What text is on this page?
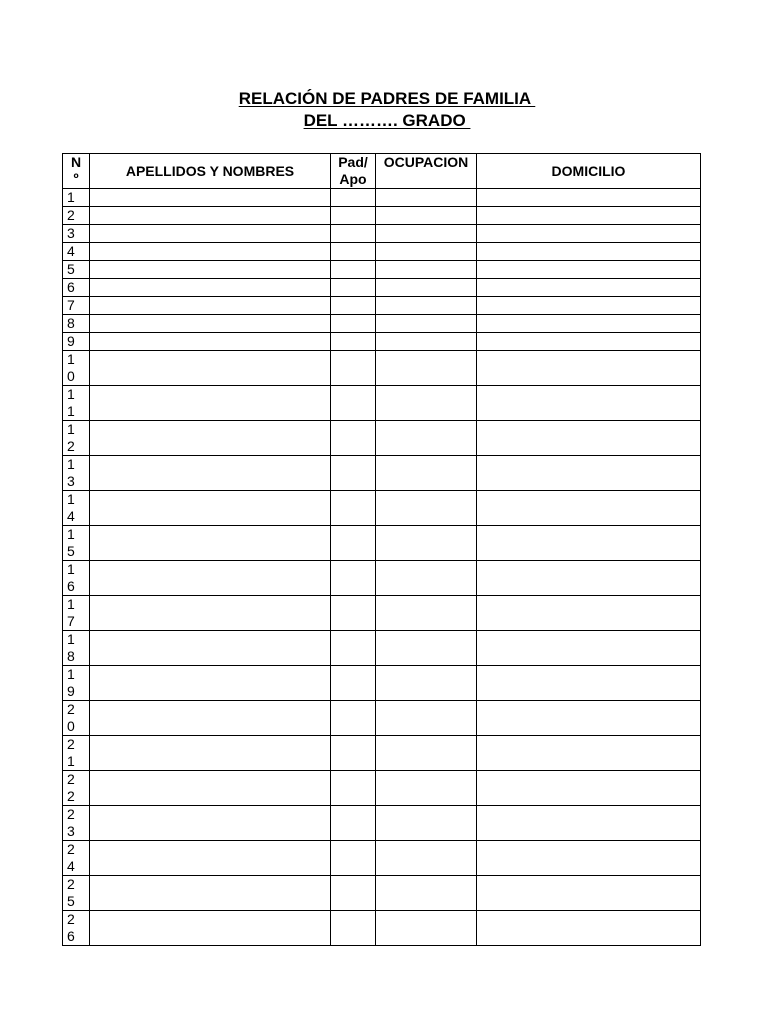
RELACIÓN DE PADRES DE FAMILIA
DEL ………. GRADO
Nº	APELLIDOS Y NOMBRES	Pad/ Apo	OCUPACION	DOMICILIO

1				

2				

3				

4				

5				

6				

7				

8				

9				

10				

11				

12				

13				

14				

15				

16				

17				

18				

19				

20				

21				

22				

23				

24				

25				

26				
